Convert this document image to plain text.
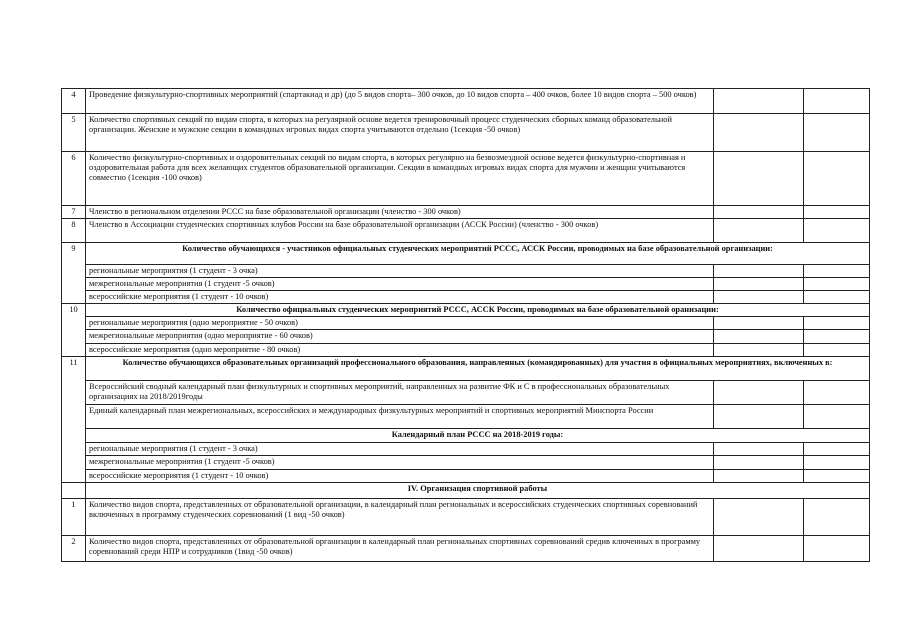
4	Проведение физкультурно-спортивных мероприятий (спартакиад и др) (до 5 видов спорта– 300 очков, до 10 видов спорта – 400 очков, более 10 видов спорта – 500 очков)		
5	Количество спортивных секций по видам спорта, в которых на регулярной основе ведется тренировочный процесс студенческих сборных команд образовательной организации. Женские и мужские секции в командных игровых видах спорта учитываются отдельно (1секция -50 очков)		
6	Количество физкультурно-спортивных и оздоровительных секций по видам спорта, в которых регулярно на безвозмездной основе ведется физкультурно-спортивная и оздоровительная работа для всех желающих студентов образовательной организации. Секции в командных игровых видах спорта для мужчин и женщин учитываются совместно (1секция -100 очков)		
7	Членство в региональном отделении РССС на базе образовательной организации (членство - 300 очков)		
8	Членство в Ассоциации студенческих спортивных клубов России на базе образовательной организации (АССК России) (членство - 300 очков)		
9	Количество обучающихся - участников официальных студенческих мероприятий РССС, АССК России, проводимых на базе образовательной организации:		
	региональные мероприятия (1 студент - 3 очка)		
	межрегиональные мероприятия (1 студент -5 очков)		
	всероссийские мероприятия (1 студент - 10 очков)		
10	Количество официальных студенческих мероприятий РССС, АССК России, проводимых на базе образовательной оранизации:		
	региональные мероприятия (одно мероприятие - 50 очков)		
	межрегиональные мероприятия (одно мероприятие - 60 очков)		
	всероссийские мероприятия (одно мероприятие - 80 очков)		
11	Количество обучающихся образовательных организаций профессионального образования, направленных (командированных) для участия в официальных мероприятиях, включенных в:		
	Всероссийский сводный календарный план физкультурных и спортивных мероприятий, направленных на развитие ФК и С в профессиональных образовательных организациях на 2018/2019годы		
	Единый календарный план межрегиональных, всероссийских и международных физкультурных мероприятий и спортивных мероприятий Минспорта России		
	Календарный план РССС на 2018-2019 годы:		
	региональные мероприятия (1 студент - 3 очка)		
	межрегиональные мероприятия (1 студент -5 очков)		
	всероссийские мероприятия (1 студент - 10 очков)		
	IV. Организация спортивной работы		
1	Количество видов спорта, представленных от образовательной организации, в календарный план региональных и всероссийских студенческих спортивных соревнований включенных в программу студенческих соревнований (1 вид -50 очков)		
2	Количество видов спорта, представленных от образовательной организации в календарный план региональных спортивных соревнований средив ключенных в программу соревнований среди НПР и сотрудников (1вид -50 очков)		
